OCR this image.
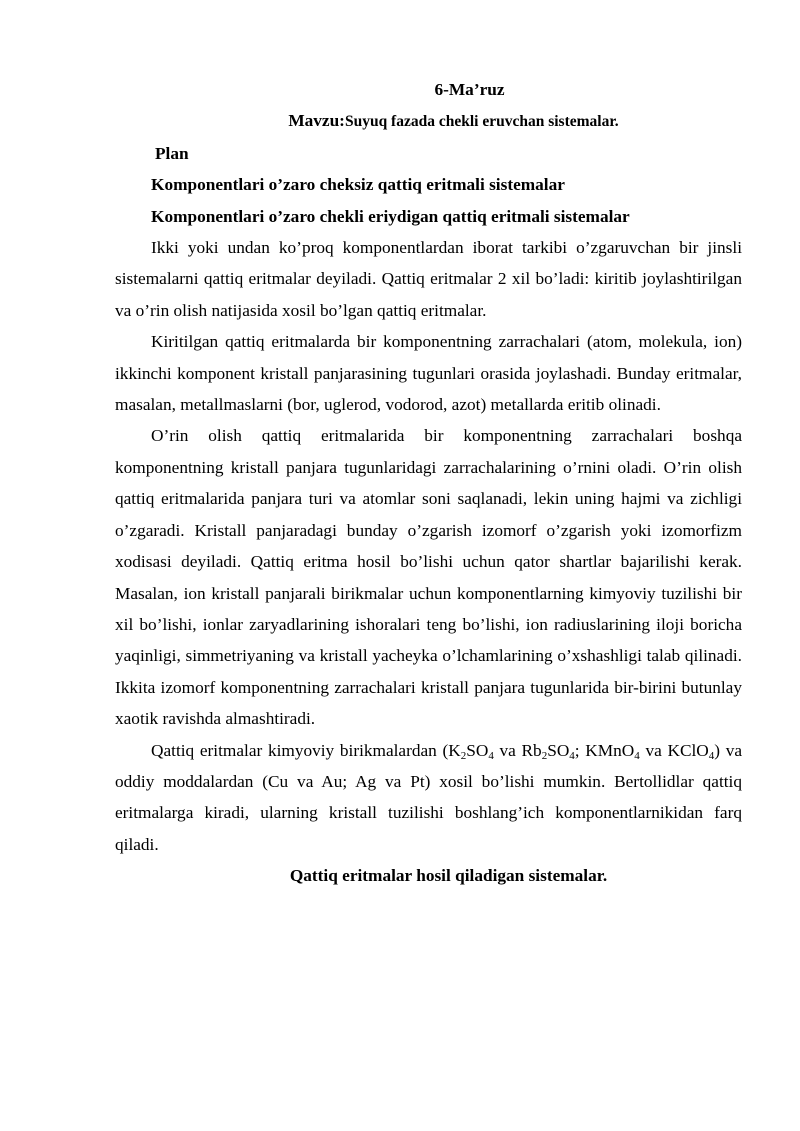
6-Ma’ruz
Mavzu:Suyuq fazada chekli eruvchan sistemalar.
Plan
Komponentlari o’zaro cheksiz qattiq eritmali sistemalar
Komponentlari o’zaro chekli eriydigan qattiq eritmali sistemalar

Ikki yoki undan ko’proq komponentlardan iborat tarkibi o’zgaruvchan bir jinsli sistemalarni qattiq eritmalar deyiladi. Qattiq eritmalar 2 xil bo’ladi: kiritib joylashtirilgan va o’rin olish natijasida xosil bo’lgan qattiq eritmalar.

Kiritilgan qattiq eritmalarda bir komponentning zarrachalari (atom, molekula, ion) ikkinchi komponent kristall panjarasining tugunlari orasida joylashadi. Bunday eritmalar, masalan, metallmaslarni (bor, uglerod, vodorod, azot) metallarda eritib olinadi.

O’rin olish qattiq eritmalarida bir komponentning zarrachalari boshqa komponentning kristall panjara tugunlaridagi zarrachalarining o’rnini oladi. O’rin olish qattiq eritmalarida panjara turi va atomlar soni saqlanadi, lekin uning hajmi va zichligi o’zgaradi. Kristall panjaradagi bunday o’zgarish izomorf o’zgarish yoki izomorfizm xodisasi deyiladi. Qattiq eritma hosil bo’lishi uchun qator shartlar bajarilishi kerak. Masalan, ion kristall panjarali birikmalar uchun komponentlarning kimyoviy tuzilishi bir xil bo’lishi, ionlar zaryadlarining ishoralari teng bo’lishi, ion radiuslarining iloji boricha yaqinligi, simmetriyaning va kristall yacheyka o’lchamlarining o’xshashligi talab qilinadi. Ikkita izomorf komponentning zarrachalari kristall panjara tugunlarida bir-birini butunlay xaotik ravishda almashtiradi.

Qattiq eritmalar kimyoviy birikmalardan ($K_2SO_4$ va $Rb_2SO_4$; KMnO$_4$ va KClO$_4$) va oddiy moddalardan (Cu va Au; Ag va Pt) xosil bo’lishi mumkin. Bertollidlar qattiq eritmalarga kiradi, ularning kristall tuzilishi boshlang’ich komponentlarnikidan farq qiladi.

Qattiq eritmalar hosil qiladigan sistemalar.
